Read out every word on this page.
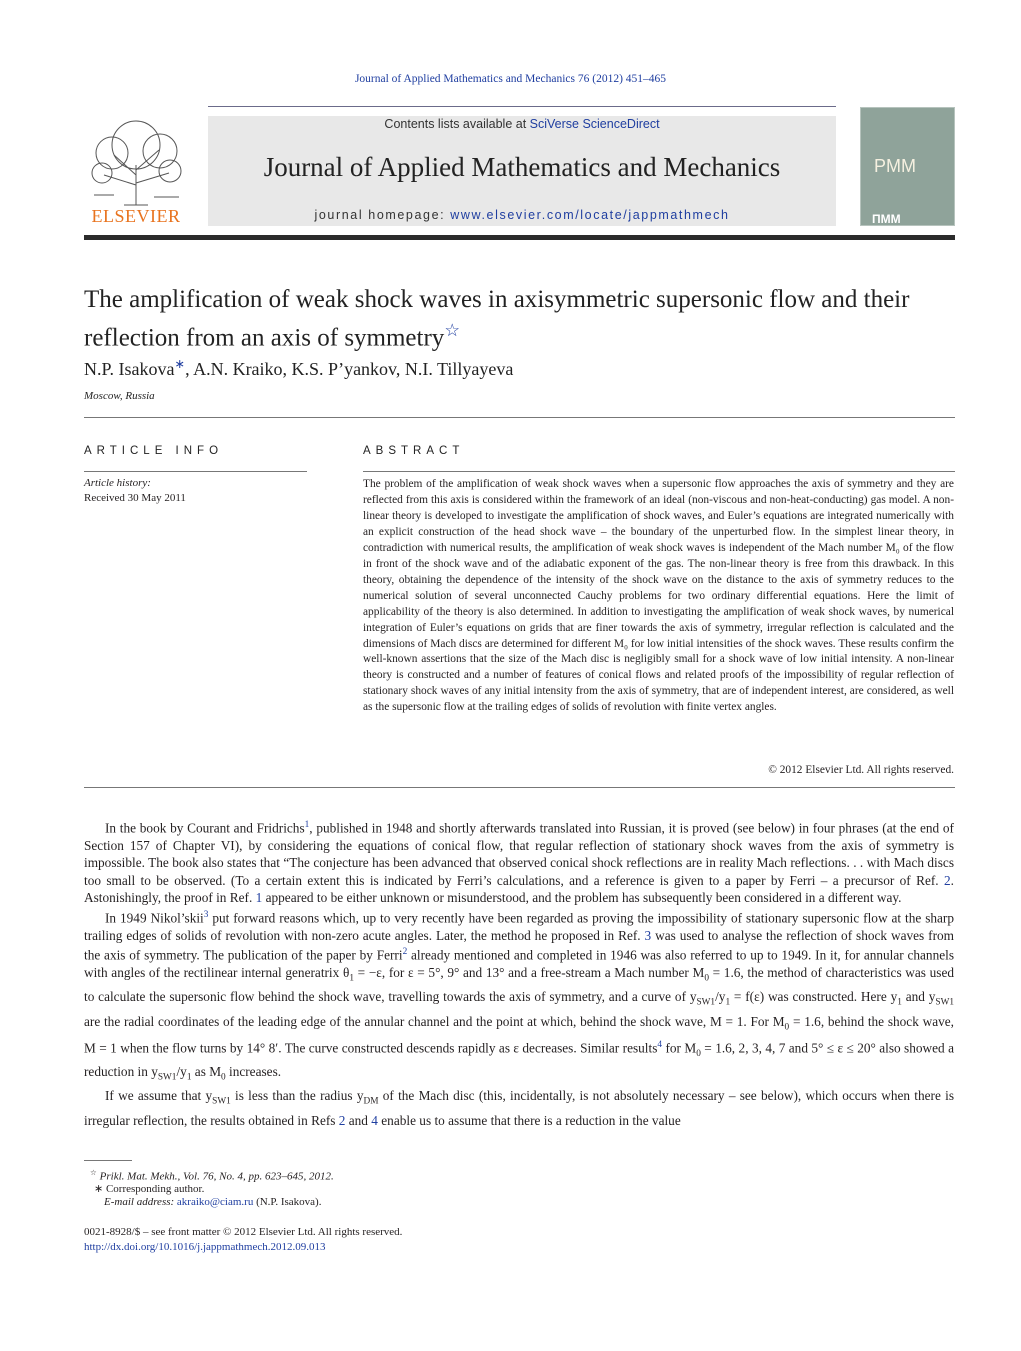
Journal of Applied Mathematics and Mechanics 76 (2012) 451–465
ELSEVIER
Contents lists available at SciVerse ScienceDirect
Journal of Applied Mathematics and Mechanics
journal homepage: www.elsevier.com/locate/jappmathmech
PMM
ПММ
The amplification of weak shock waves in axisymmetric supersonic flow and their reflection from an axis of symmetry☆
N.P. Isakova∗, A.N. Kraiko, K.S. P’yankov, N.I. Tillyayeva
Moscow, Russia
ARTICLE INFO	ABSTRACT
Article history:
Received 30 May 2011
The problem of the amplification of weak shock waves when a supersonic flow approaches the axis of symmetry and they are reflected from this axis is considered within the framework of an ideal (non-viscous and non-heat-conducting) gas model. A non-linear theory is developed to investigate the amplification of shock waves, and Euler’s equations are integrated numerically with an explicit construction of the head shock wave – the boundary of the unperturbed flow. In the simplest linear theory, in contradiction with numerical results, the amplification of weak shock waves is independent of the Mach number M₀ of the flow in front of the shock wave and of the adiabatic exponent of the gas. The non-linear theory is free from this drawback. In this theory, obtaining the dependence of the intensity of the shock wave on the distance to the axis of symmetry reduces to the numerical solution of several unconnected Cauchy problems for two ordinary differential equations. Here the limit of applicability of the theory is also determined. In addition to investigating the amplification of weak shock waves, by numerical integration of Euler’s equations on grids that are finer towards the axis of symmetry, irregular reflection is calculated and the dimensions of Mach discs are determined for different M₀ for low initial intensities of the shock waves. These results confirm the well-known assertions that the size of the Mach disc is negligibly small for a shock wave of low initial intensity. A non-linear theory is constructed and a number of features of conical flows and related proofs of the impossibility of regular reflection of stationary shock waves of any initial intensity from the axis of symmetry, that are of independent interest, are considered, as well as the supersonic flow at the trailing edges of solids of revolution with finite vertex angles.
© 2012 Elsevier Ltd. All rights reserved.

In the book by Courant and Fridrichs$^1$, published in 1948 and shortly afterwards translated into Russian, it is proved (see below) in four phrases (at the end of Section 157 of Chapter VI), by considering the equations of conical flow, that regular reflection of stationary shock waves from the axis of symmetry is impossible. The book also states that “The conjecture has been advanced that observed conical shock reflections are in reality Mach reflections. . . with Mach discs too small to be observed. (To a certain extent this is indicated by Ferri’s calculations, and a reference is given to a paper by Ferri – a precursor of Ref. 2. Astonishingly, the proof in Ref. 1 appeared to be either unknown or misunderstood, and the problem has subsequently been considered in a different way.

In 1949 Nikol’skii$^3$ put forward reasons which, up to very recently have been regarded as proving the impossibility of stationary supersonic flow at the sharp trailing edges of solids of revolution with non-zero acute angles. Later, the method he proposed in Ref. 3 was used to analyse the reflection of shock waves from the axis of symmetry. The publication of the paper by Ferri$^2$ already mentioned and completed in 1946 was also referred to up to 1949. In it, for annular channels with angles of the rectilinear internal generatrix $\theta_1 = -\varepsilon$, for ε = 5°, 9° and 13° and a free-stream a Mach number $M_0 = 1.6$, the method of characteristics was used to calculate the supersonic flow behind the shock wave, travelling towards the axis of symmetry, and a curve of $y_{SW1}/y_1 = f(\varepsilon)$ was constructed. Here $y_1$ and $y_{SW1}$ are the radial coordinates of the leading edge of the annular channel and the point at which, behind the shock wave, M = 1. For $M_0 = 1.6$, behind the shock wave, M = 1 when the flow turns by 14° 8′. The curve constructed descends rapidly as ε decreases. Similar results$^4$ for $M_0 = 1.6$, 2, 3, 4, 7 and 5° ≤ ε ≤ 20° also showed a reduction in $y_{SW1}/y_1$ as $M_0$ increases.

If we assume that $y_{SW1}$ is less than the radius $y_{DM}$ of the Mach disc (this, incidentally, is not absolutely necessary – see below), which occurs when there is irregular reflection, the results obtained in Refs 2 and 4 enable us to assume that there is a reduction in the value

☆ Prikl. Mat. Mekh., Vol. 76, No. 4, pp. 623–645, 2012.
∗ Corresponding author.
E-mail address: akraiko@ciam.ru (N.P. Isakova).
0021-8928/$ – see front matter © 2012 Elsevier Ltd. All rights reserved.
http://dx.doi.org/10.1016/j.jappmathmech.2012.09.013
